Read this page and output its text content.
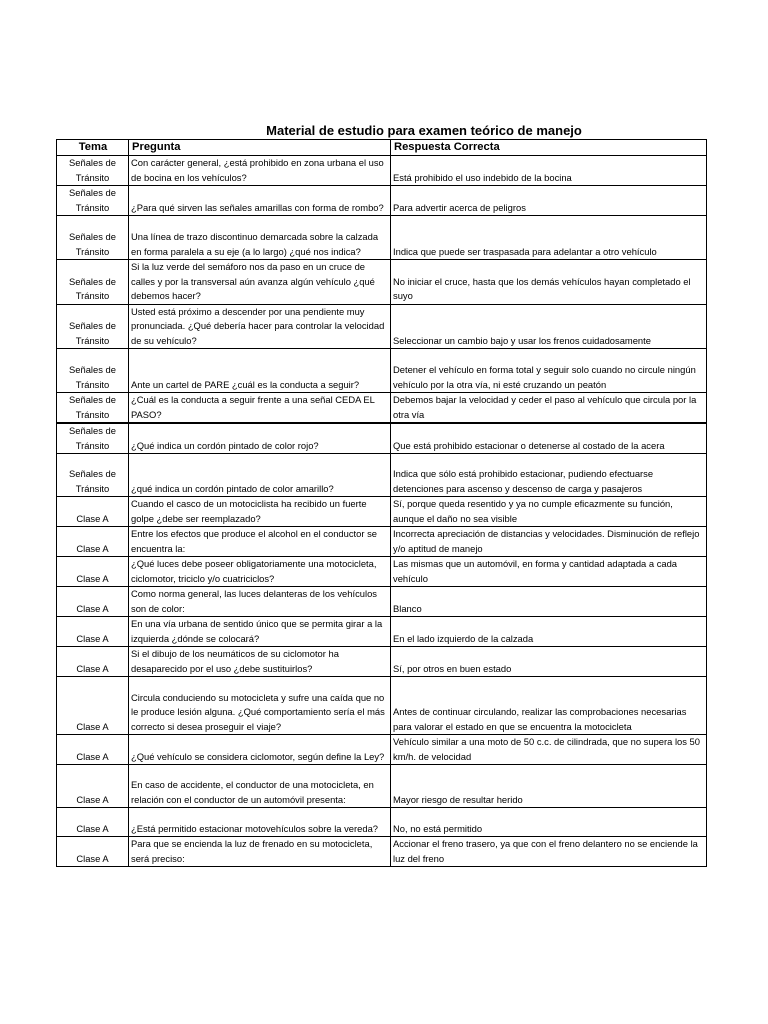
Material de estudio para examen teórico de manejo
Tema	Pregunta	Respuesta Correcta
Señales de Tránsito	Con carácter general, ¿está prohibido en zona urbana el uso de bocina en los vehículos?	Está prohibido el uso indebido de la bocina
Señales de Tránsito	¿Para qué sirven las señales amarillas con forma de rombo?	Para advertir acerca de peligros
Señales de Tránsito	Una línea de trazo discontinuo demarcada sobre la calzada en forma paralela a su eje (a lo largo) ¿qué nos indica?	Indica que puede ser traspasada para adelantar a otro vehículo
Señales de Tránsito	Si la luz verde del semáforo nos da paso en un cruce de calles y por la transversal aún avanza algún vehículo ¿qué debemos hacer?	No iniciar el cruce, hasta que los demás vehículos hayan completado el suyo
Señales de Tránsito	Usted está próximo a descender por una pendiente muy pronunciada. ¿Qué debería hacer para controlar la velocidad de su vehículo?	Seleccionar un cambio bajo y usar los frenos cuidadosamente
Señales de Tránsito	Ante un cartel de PARE ¿cuál es la conducta a seguir?	Detener el vehículo en forma total y seguir solo cuando no circule ningún vehículo por la otra vía, ni esté cruzando un peatón
Señales de Tránsito	¿Cuál es la conducta a seguir frente a una señal CEDA EL PASO?	Debemos bajar la velocidad y ceder el paso al vehículo que circula por la otra vía
Señales de Tránsito	¿Qué indica un cordón pintado de color rojo?	Que está prohibido estacionar o detenerse al costado de la acera
Señales de Tránsito	¿qué indica un cordón pintado de color amarillo?	Indica que sólo está prohibido estacionar, pudiendo efectuarse detenciones para ascenso y descenso de carga y pasajeros
Clase A	Cuando el casco de un motociclista ha recibido un fuerte golpe ¿debe ser reemplazado?	Sí, porque queda resentido y ya no cumple eficazmente su función, aunque el daño no sea visible
Clase A	Entre los efectos que produce el alcohol en el conductor se encuentra la:	Incorrecta apreciación de distancias y velocidades. Disminución de reflejo y/o aptitud de manejo
Clase A	¿Qué luces debe poseer obligatoriamente una motocicleta, ciclomotor, triciclo y/o cuatriciclos?	Las mismas que un automóvil, en forma y cantidad adaptada a cada vehículo
Clase A	Como norma general, las luces delanteras de los vehículos son de color:	Blanco
Clase A	En una vía urbana de sentido único que se permita girar a la izquierda ¿dónde se colocará?	En el lado izquierdo de la calzada
Clase A	Si el dibujo de los neumáticos de su ciclomotor ha desaparecido por el uso ¿debe sustituirlos?	Sí, por otros en buen estado
Clase A	Circula conduciendo su motocicleta y sufre una caída que no le produce lesión alguna. ¿Qué comportamiento sería el más correcto si desea proseguir el viaje?	Antes de continuar circulando, realizar las comprobaciones necesarias para valorar el estado en que se encuentra la motocicleta
Clase A	¿Qué vehículo se considera ciclomotor, según define la Ley?	Vehículo similar a una moto de 50 c.c. de cilindrada, que no supera los 50 km/h. de velocidad
Clase A	En caso de accidente, el conductor de una motocicleta, en relación con el conductor de un automóvil presenta:	Mayor riesgo de resultar herido
Clase A	¿Está permitido estacionar motovehículos sobre la vereda?	No, no está permitido
Clase A	Para que se encienda la luz de frenado en su motocicleta, será preciso:	Accionar el freno trasero, ya que con el freno delantero no se enciende la luz del freno
